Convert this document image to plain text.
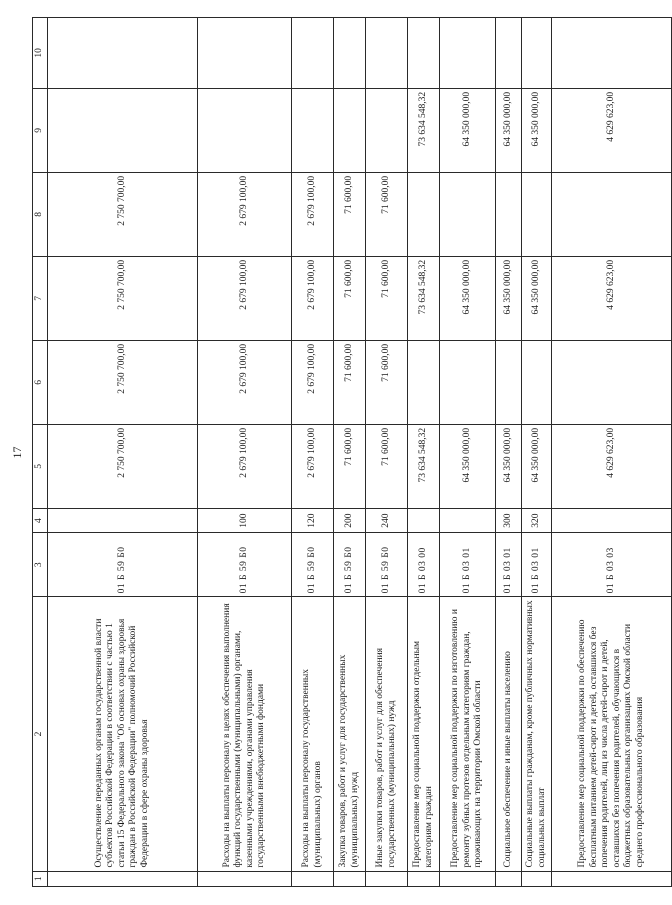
17
1	2	3	4	5	6	7	8	9	10
	Осуществление переданных органам государственной власти субъектов Российской Федерации в соответствии с частью 1 статьи 15 Федерального закона "Об основах охраны здоровья граждан в Российской Федерации" полномочий Российской Федерации в сфере охраны здоровья	01 Б 59 Б0		2 750 700,00	2 750 700,00	2 750 700,00	2 750 700,00		
	Расходы на выплаты персоналу в целях обеспечения выполнения функций государственными (муниципальными) органами, казенными учреждениями, органами управления государственными внебюджетными фондами	01 Б 59 Б0	100	2 679 100,00	2 679 100,00	2 679 100,00	2 679 100,00		
	Расходы на выплаты персоналу государственных (муниципальных) органов	01 Б 59 Б0	120	2 679 100,00	2 679 100,00	2 679 100,00	2 679 100,00		
	Закупка товаров, работ и услуг для государственных (муниципальных) нужд	01 Б 59 Б0	200	71 600,00	71 600,00	71 600,00	71 600,00		
	Иные закупки товаров, работ и услуг для обеспечения государственных (муниципальных) нужд	01 Б 59 Б0	240	71 600,00	71 600,00	71 600,00	71 600,00		
	Предоставление мер социальной поддержки отдельным категориям граждан	01 Б 03 00		73 634 548,32		73 634 548,32		73 634 548,32	
	Предоставление мер социальной поддержки по изготовлению и ремонту зубных протезов отдельным категориям граждан, проживающих на территории Омской области	01 Б 03 01		64 350 000,00		64 350 000,00		64 350 000,00	
	Социальное обеспечение и иные выплаты населению	01 Б 03 01	300	64 350 000,00		64 350 000,00		64 350 000,00	
	Социальные выплаты гражданам, кроме публичных нормативных социальных выплат	01 Б 03 01	320	64 350 000,00		64 350 000,00		64 350 000,00	
	Предоставление мер социальной поддержки по обеспечению бесплатным питанием детей-сирот и детей, оставшихся без попечения родителей, лиц из числа детей-сирот и детей, оставшихся без попечения родителей, обучающихся в бюджетных образовательных организациях Омской области среднего профессионального образования	01 Б 03 03		4 629 623,00		4 629 623,00		4 629 623,00	
